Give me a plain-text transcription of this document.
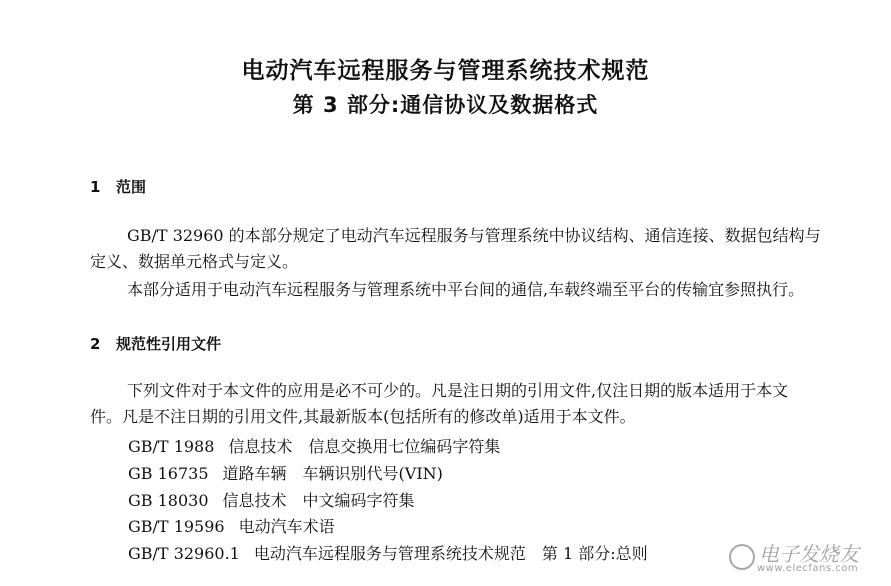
电动汽车远程服务与管理系统技术规范
第 3 部分:通信协议及数据格式
1 范围
GB/T 32960 的本部分规定了电动汽车远程服务与管理系统中协议结构、通信连接、数据包结构与
定义、数据单元格式与定义。
本部分适用于电动汽车远程服务与管理系统中平台间的通信,车载终端至平台的传输宜参照执行。
2 规范性引用文件
下列文件对于本文件的应用是必不可少的。凡是注日期的引用文件,仅注日期的版本适用于本文
件。凡是不注日期的引用文件,其最新版本(包括所有的修改单)适用于本文件。
GB/T 1988 信息技术　信息交换用七位编码字符集
GB 16735 道路车辆　车辆识别代号(VIN)
GB 18030 信息技术　中文编码字符集
GB/T 19596 电动汽车术语
GB/T 32960.1 电动汽车远程服务与管理系统技术规范　第 1 部分:总则	电子发烧友
www.elecfans.com
